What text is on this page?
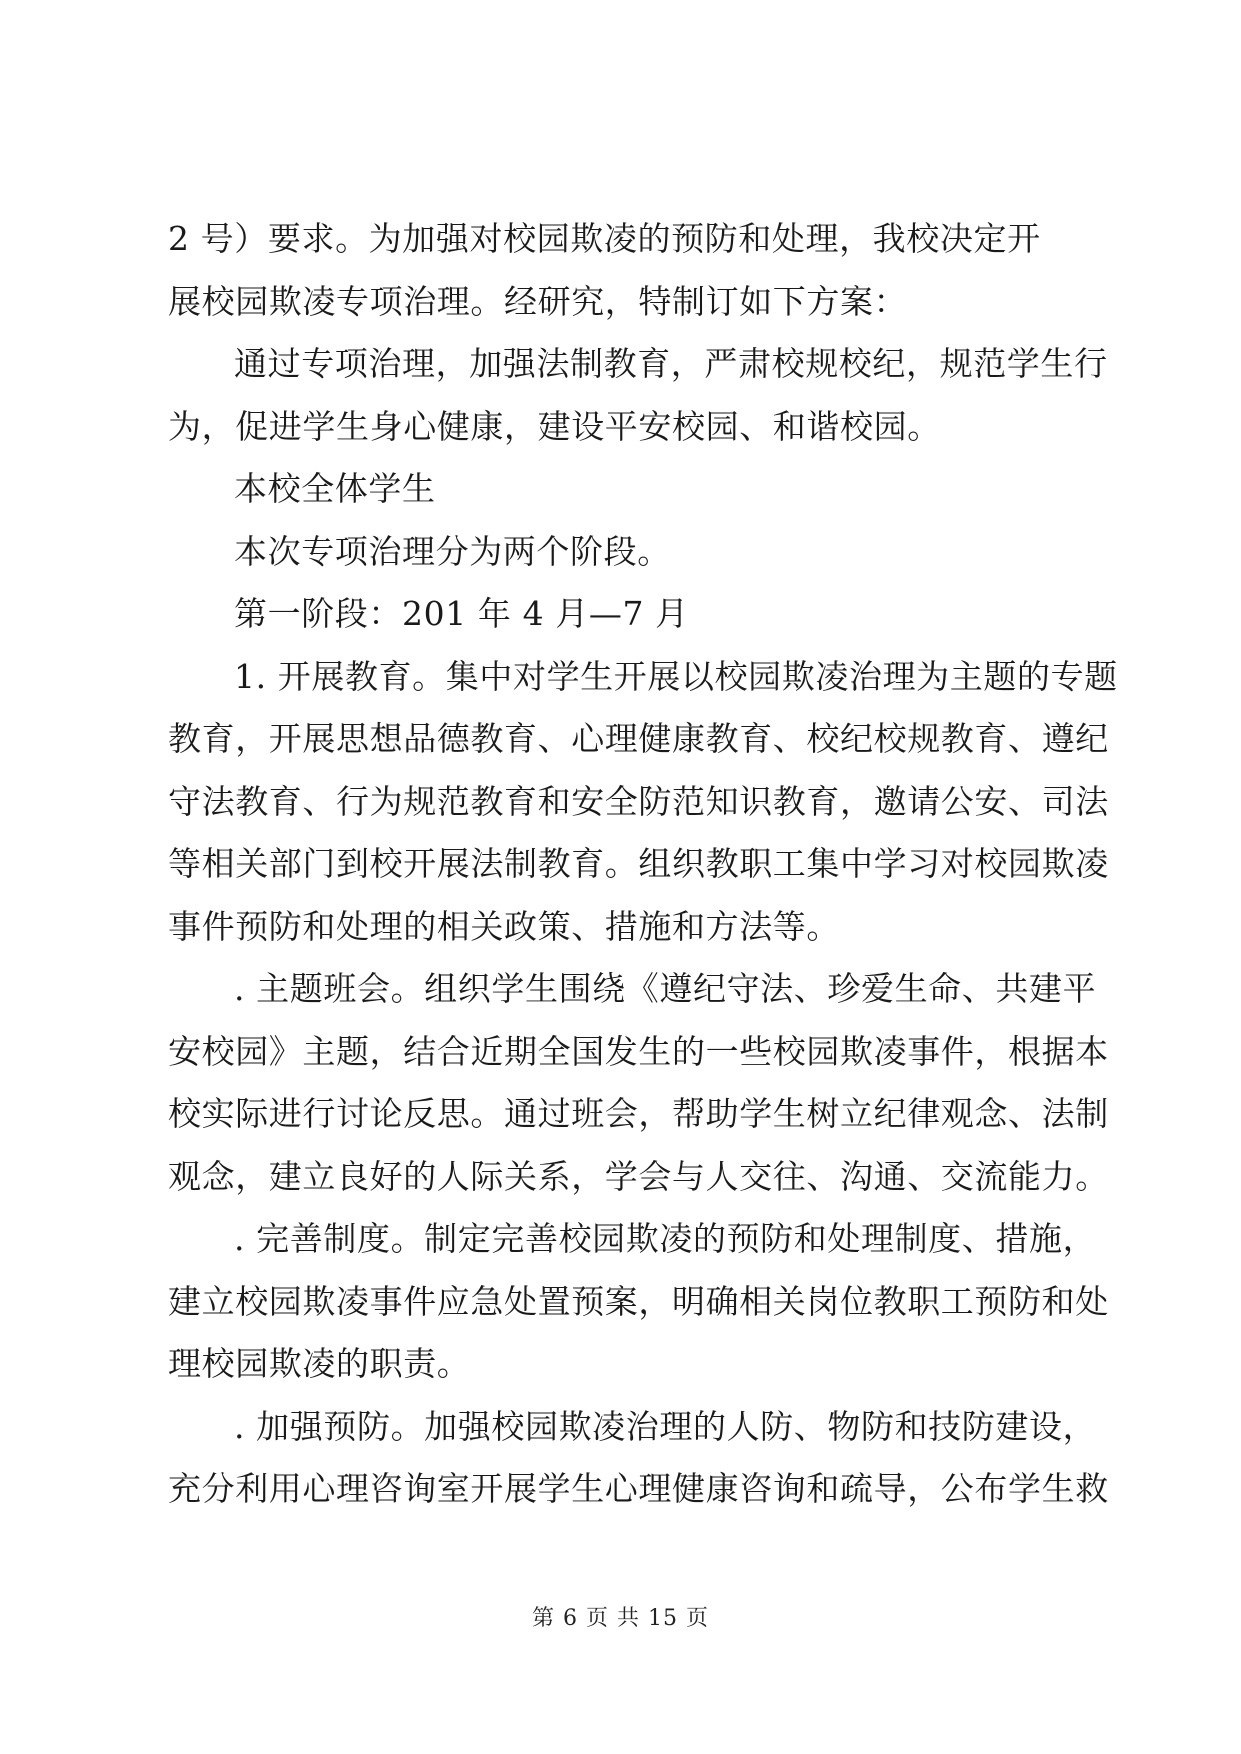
2 号）要求。为加强对校园欺凌的预防和处理，我校决定开
展校园欺凌专项治理。经研究，特制订如下方案：
通过专项治理，加强法制教育，严肃校规校纪，规范学生行
为，促进学生身心健康，建设平安校园、和谐校园。
本校全体学生
本次专项治理分为两个阶段。
第一阶段：201 年 4 月—7 月
1. 开展教育。集中对学生开展以校园欺凌治理为主题的专题
教育，开展思想品德教育、心理健康教育、校纪校规教育、遵纪
守法教育、行为规范教育和安全防范知识教育，邀请公安、司法
等相关部门到校开展法制教育。组织教职工集中学习对校园欺凌
事件预防和处理的相关政策、措施和方法等。
. 主题班会。组织学生围绕《遵纪守法、珍爱生命、共建平
安校园》主题，结合近期全国发生的一些校园欺凌事件，根据本
校实际进行讨论反思。通过班会，帮助学生树立纪律观念、法制
观念，建立良好的人际关系，学会与人交往、沟通、交流能力。
. 完善制度。制定完善校园欺凌的预防和处理制度、措施，
建立校园欺凌事件应急处置预案，明确相关岗位教职工预防和处
理校园欺凌的职责。
. 加强预防。加强校园欺凌治理的人防、物防和技防建设，
充分利用心理咨询室开展学生心理健康咨询和疏导，公布学生救
第 6 页 共 15 页
